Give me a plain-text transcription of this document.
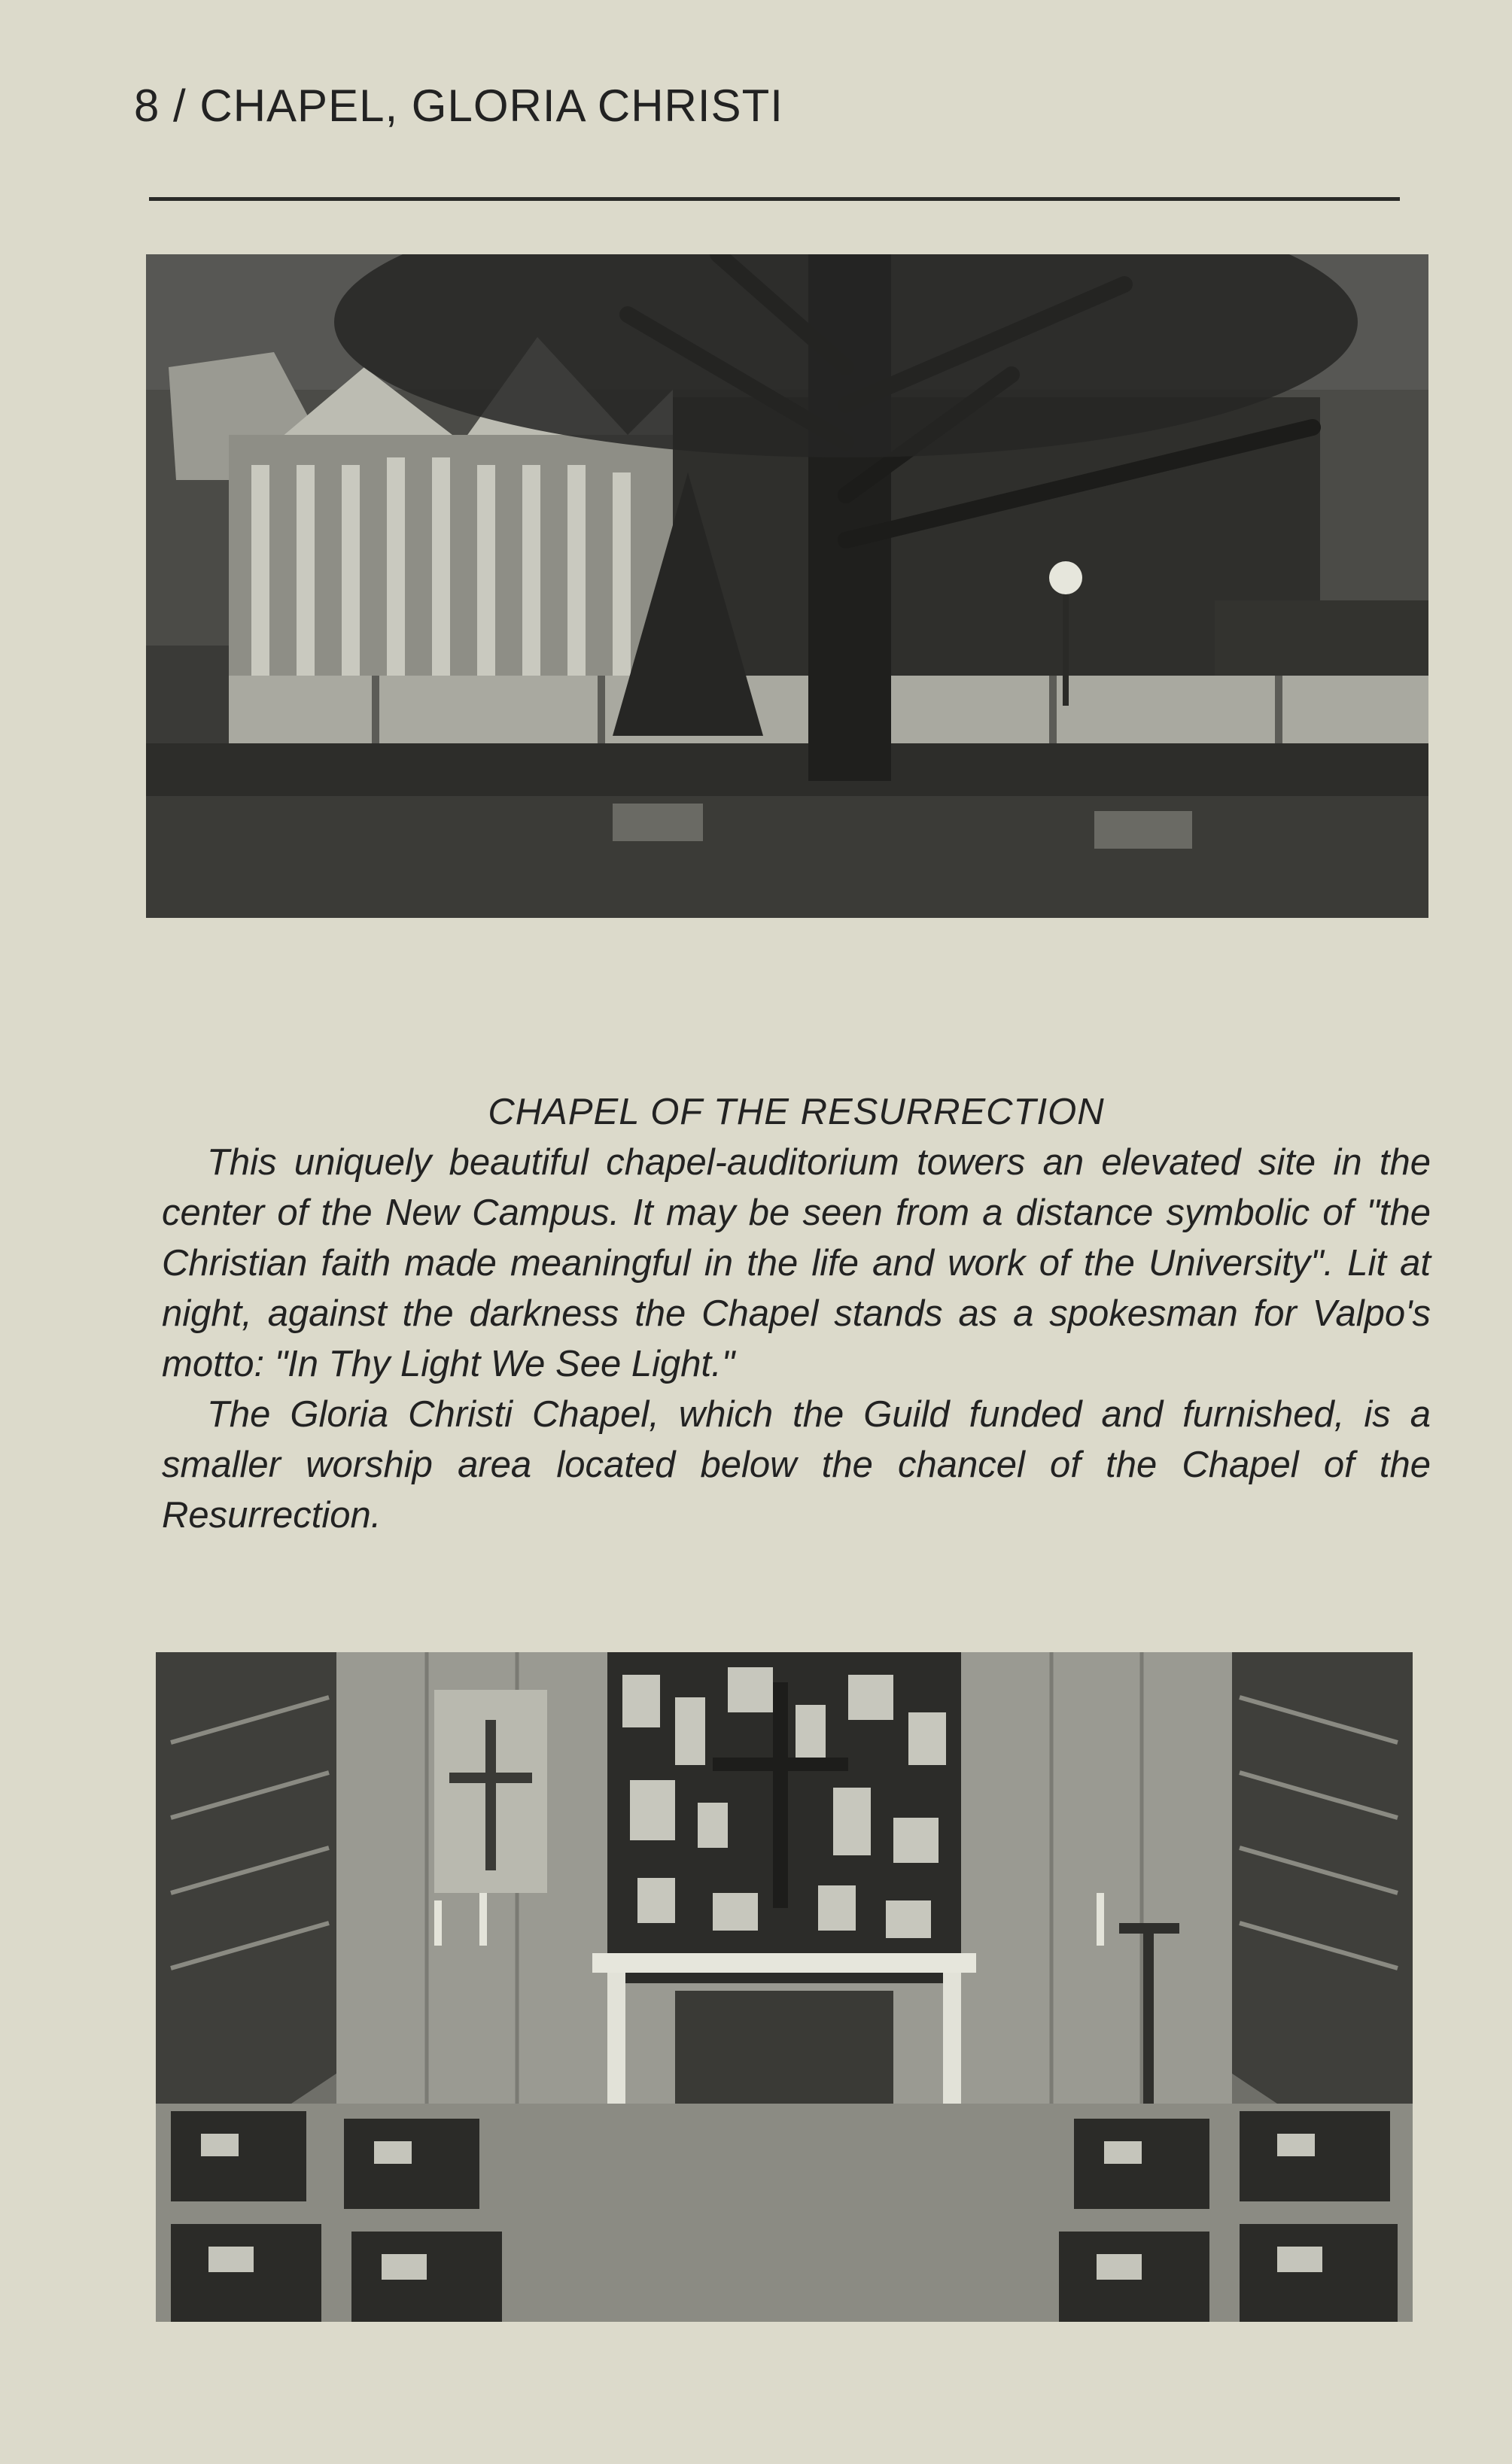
8 / CHAPEL, GLORIA CHRISTI
CHAPEL OF THE RESURRECTION

This uniquely beautiful chapel-auditorium towers an elevated site in the center of the New Campus. It may be seen from a distance symbolic of "the Christian faith made meaningful in the life and work of the University". Lit at night, against the darkness the Chapel stands as a spokesman for Valpo's motto: "In Thy Light We See Light."

The Gloria Christi Chapel, which the Guild funded and furnished, is a smaller worship area located below the chancel of the Chapel of the Resurrection.
